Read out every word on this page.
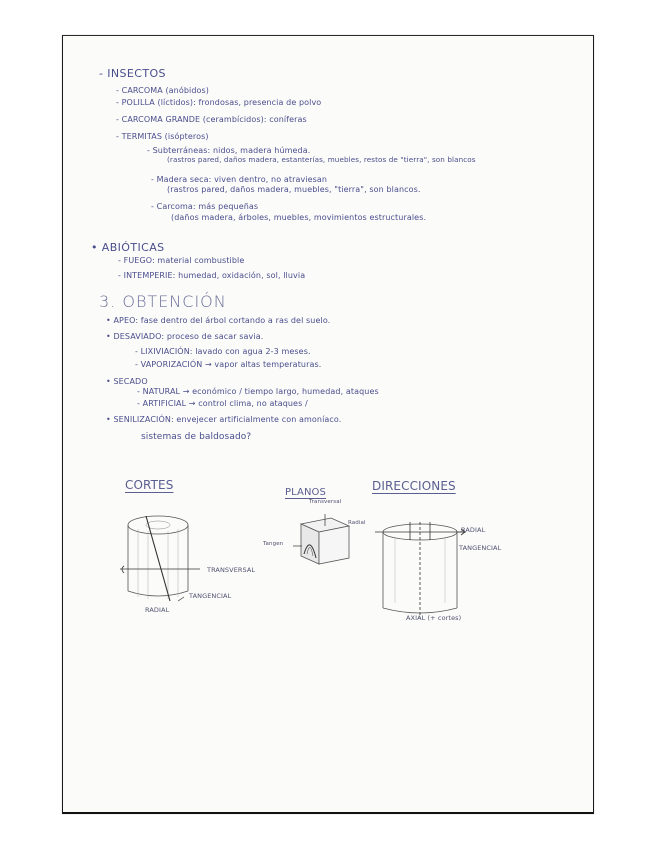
- INSECTOS
- CARCOMA (anóbidos)
- POLILLA (líctidos): frondosas, presencia de polvo
- CARCOMA GRANDE (cerambícidos): coníferas
- TERMITAS (isópteros)
- Subterráneas: nidos, madera húmeda.
(rastros pared, daños madera, estanterías, muebles, restos de "tierra", son blancos
- Madera seca: viven dentro, no atraviesan
(rastros pared, daños madera, muebles, "tierra", son blancos.
- Carcoma: más pequeñas
(daños madera, árboles, muebles, movimientos estructurales.
• ABIÓTICAS
- FUEGO: material combustible
- INTEMPERIE: humedad, oxidación, sol, lluvia
3. OBTENCIÓN
• APEO: fase dentro del árbol cortando a ras del suelo.
• DESAVIADO: proceso de sacar savia.
- LIXIVIACIÓN: lavado con agua 2-3 meses.
- VAPORIZACIÓN → vapor altas temperaturas.
• SECADO
- NATURAL → económico / tiempo largo, humedad, ataques
- ARTIFICIAL → control clima, no ataques /
• SENILIZACIÓN: envejecer artificialmente con amoníaco.
sistemas de baldosado?
CORTES
PLANOS	DIRECCIONES
TRANSVERSAL
TANGENCIAL
RADIAL
Transversal
Radial
Tangen
RADIAL
TANGENCIAL
AXIAL (+ cortes)
